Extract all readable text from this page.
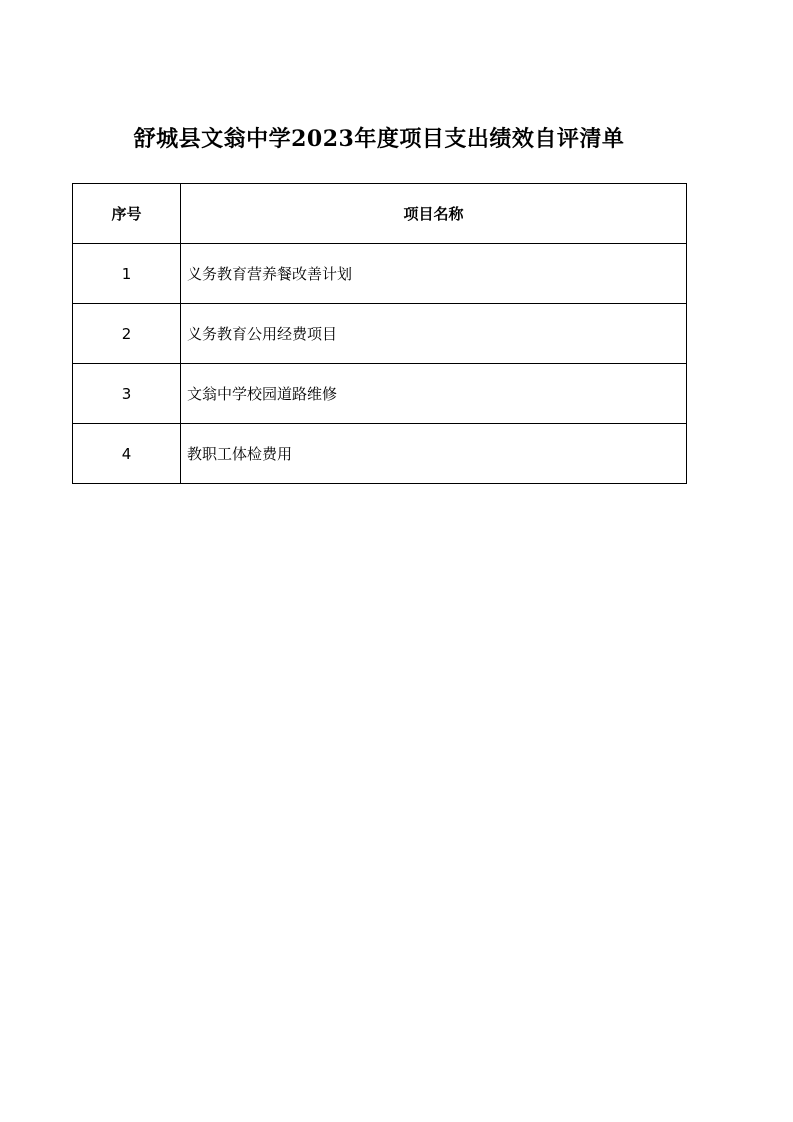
舒城县文翁中学2023年度项目支出绩效自评清单
序号	项目名称
1	义务教育营养餐改善计划
2	义务教育公用经费项目
3	文翁中学校园道路维修
4	教职工体检费用
